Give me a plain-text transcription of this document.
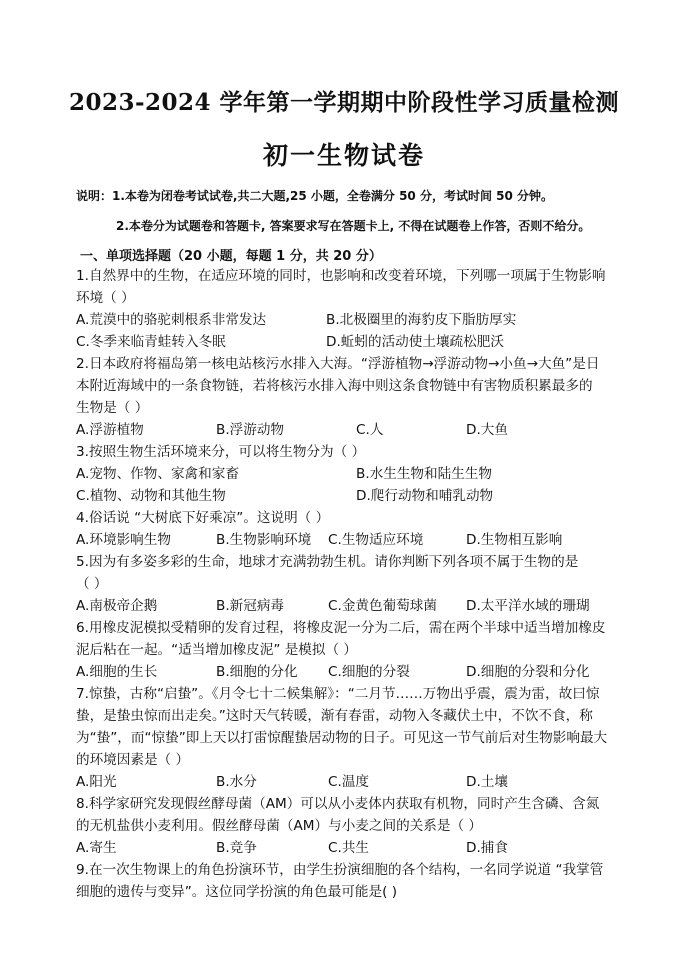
2023-2024 学年第一学期期中阶段性学习质量检测
初一生物试卷
说明：1.本卷为闭卷考试试卷,共二大题,25 小题，全卷满分 50 分，考试时间 50 分钟。
2.本卷分为试题卷和答题卡, 答案要求写在答题卡上, 不得在试题卷上作答，否则不给分。
一、单项选择题（20 小题，每题 1 分，共 20 分）
1.自然界中的生物，在适应环境的同时，也影响和改变着环境，下列哪一项属于生物影响
环境（ ）
A.荒漠中的骆驼刺根系非常发达	B.北极圈里的海豹皮下脂肪厚实
C.冬季来临青蛙转入冬眠	D.蚯蚓的活动使土壤疏松肥沃
2.日本政府将福岛第一核电站核污水排入大海。“浮游植物→浮游动物→小鱼→大鱼”是日
本附近海域中的一条食物链，若将核污水排入海中则这条食物链中有害物质积累最多的
生物是（ ）
A.浮游植物	B.浮游动物	C.人	D.大鱼
3.按照生物生活环境来分，可以将生物分为（ ）
A.宠物、作物、家禽和家畜	B.水生生物和陆生生物
C.植物、动物和其他生物	D.爬行动物和哺乳动物
4.俗话说 “大树底下好乘凉”。这说明（ ）
A.环境影响生物	B.生物影响环境 C.生物适应环境	D.生物相互影响
5.因为有多姿多彩的生命，地球才充满勃勃生机。请你判断下列各项不属于生物的是
（ ）
A.南极帝企鹅	B.新冠病毒	C.金黄色葡萄球菌 D.太平洋水域的珊瑚
6.用橡皮泥模拟受精卵的发育过程，将橡皮泥一分为二后，需在两个半球中适当增加橡皮
泥后粘在一起。“适当增加橡皮泥” 是模拟（ ）
A.细胞的生长	B.细胞的分化 C.细胞的分裂	D.细胞的分裂和分化
7.惊蛰，古称“启蛰”。《月令七十二候集解》：“二月节……万物出乎震，震为雷，故曰惊
蛰，是蛰虫惊而出走矣。”这时天气转暖，渐有春雷，动物入冬藏伏土中，不饮不食，称
为“蛰”，而“惊蛰”即上天以打雷惊醒蛰居动物的日子。可见这一节气前后对生物影响最大
的环境因素是（ ）
A.阳光	B.水分	C.温度	D.土壤
8.科学家研究发现假丝酵母菌（AM）可以从小麦体内获取有机物，同时产生含磷、含氮
的无机盐供小麦利用。假丝酵母菌（AM）与小麦之间的关系是（ ）
A.寄生	B.竞争	C.共生	D.捕食
9.在一次生物课上的角色扮演环节，由学生扮演细胞的各个结构，一名同学说道 “我掌管
细胞的遗传与变异”。这位同学扮演的角色最可能是( )
